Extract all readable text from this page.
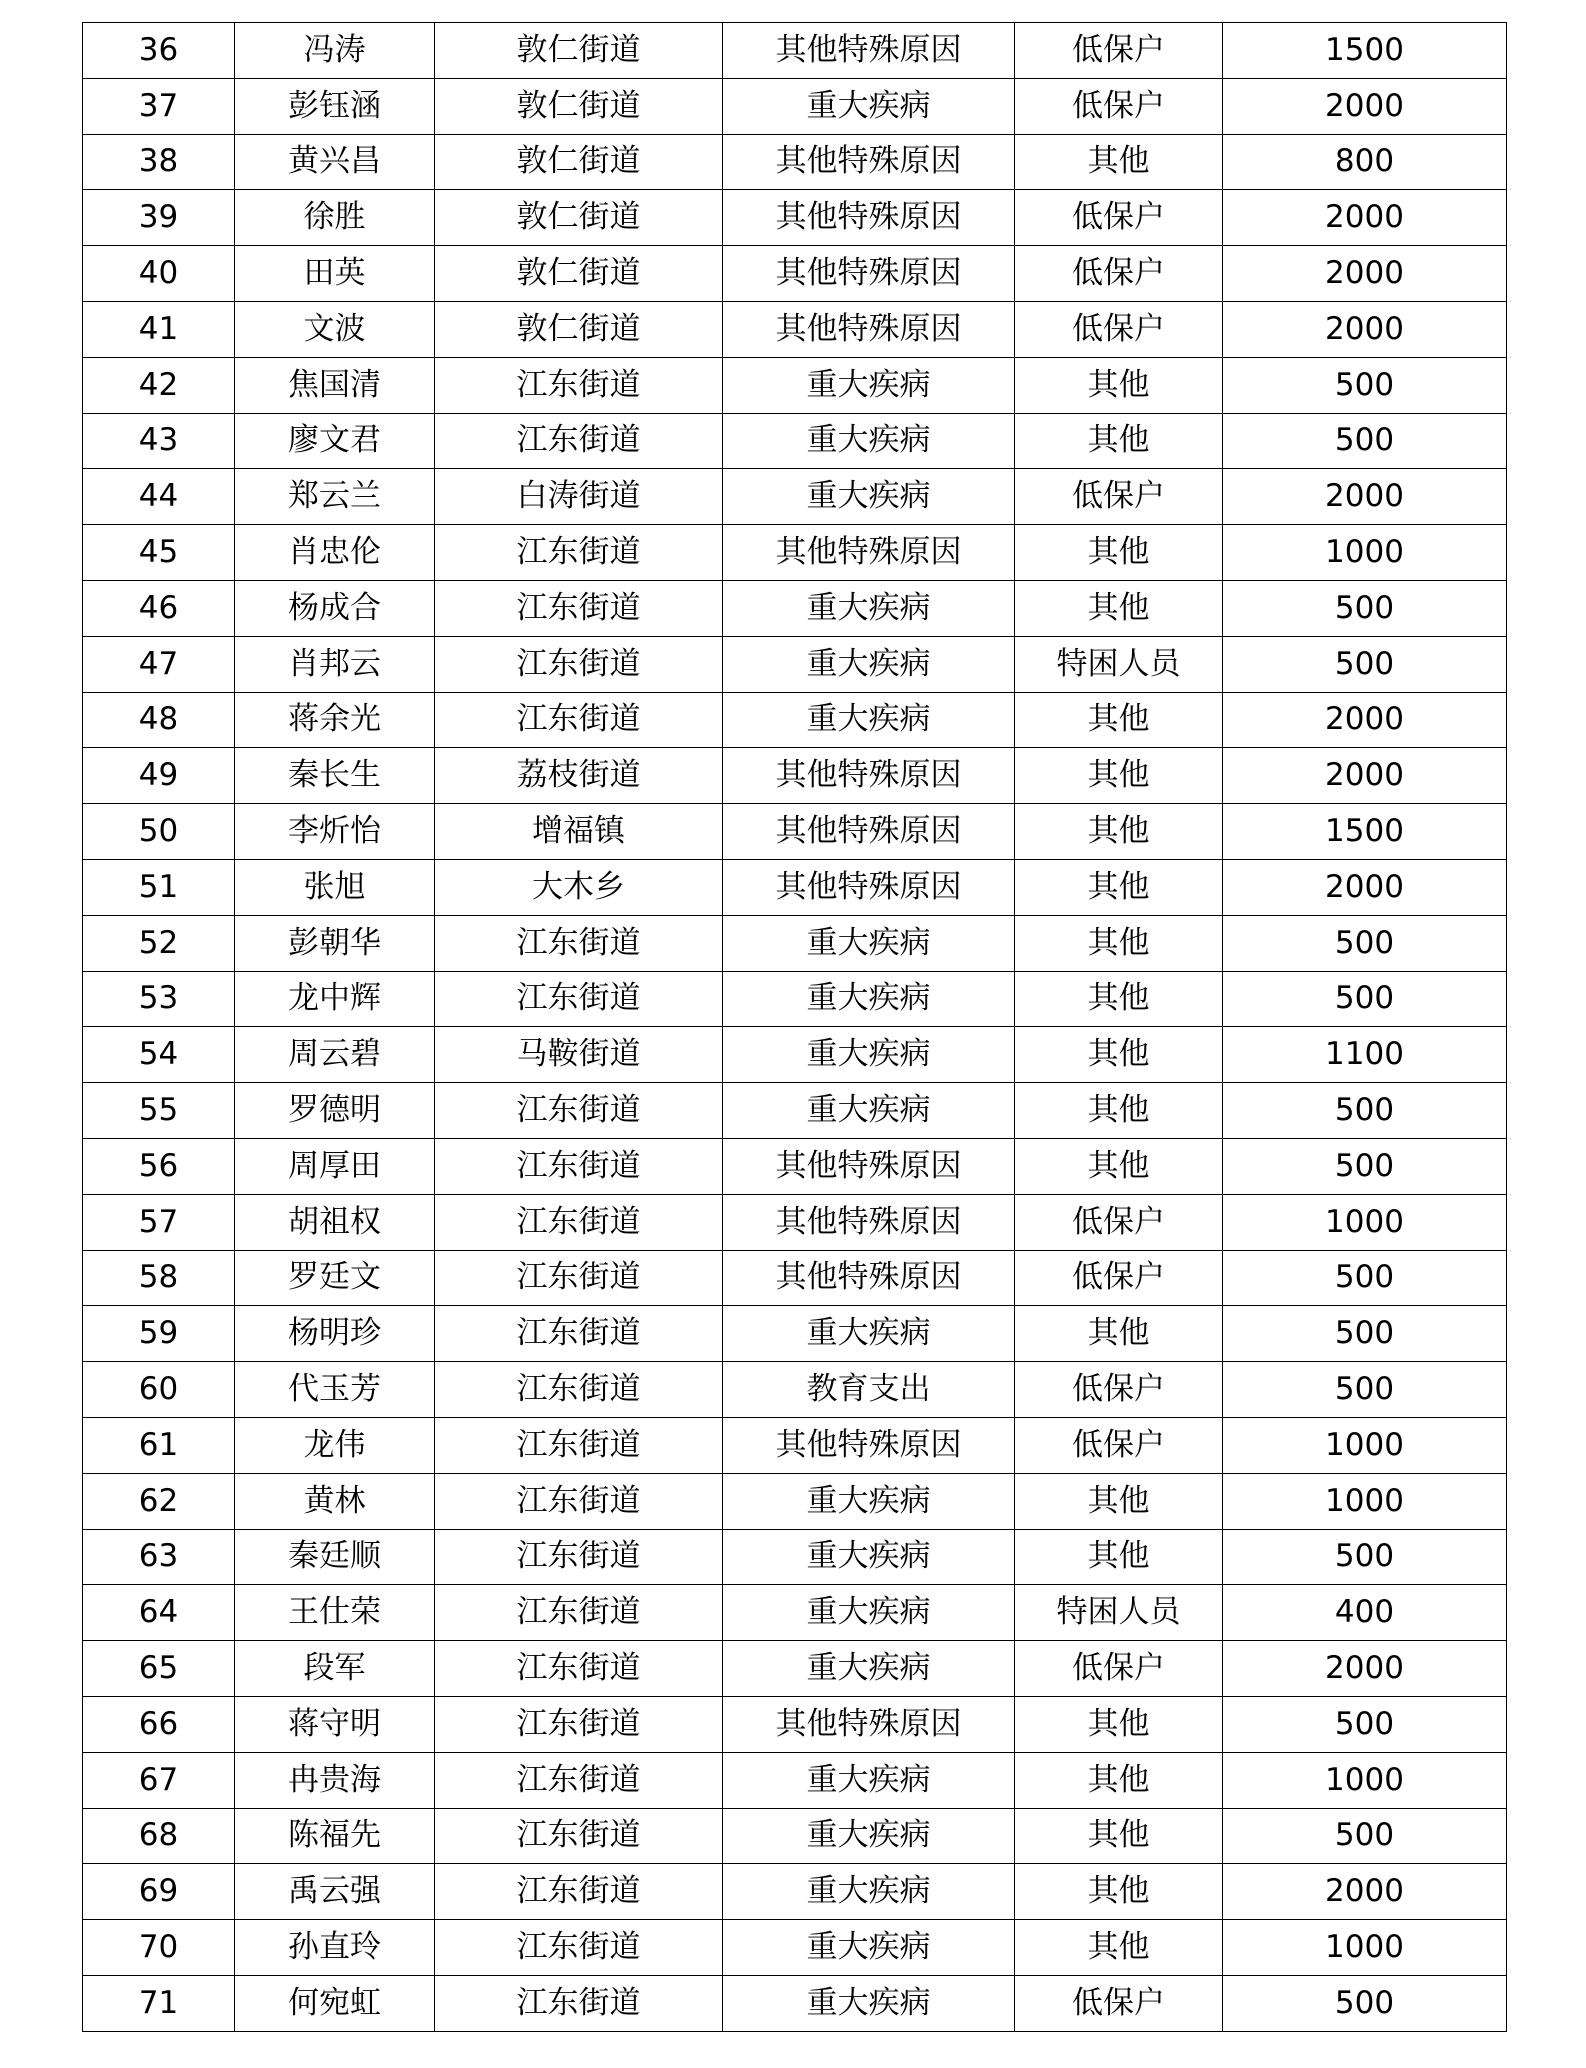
36	冯涛	敦仁街道	其他特殊原因	低保户	1500
37	彭钰涵	敦仁街道	重大疾病	低保户	2000
38	黄兴昌	敦仁街道	其他特殊原因	其他	800
39	徐胜	敦仁街道	其他特殊原因	低保户	2000
40	田英	敦仁街道	其他特殊原因	低保户	2000
41	文波	敦仁街道	其他特殊原因	低保户	2000
42	焦国清	江东街道	重大疾病	其他	500
43	廖文君	江东街道	重大疾病	其他	500
44	郑云兰	白涛街道	重大疾病	低保户	2000
45	肖忠伦	江东街道	其他特殊原因	其他	1000
46	杨成合	江东街道	重大疾病	其他	500
47	肖邦云	江东街道	重大疾病	特困人员	500
48	蒋余光	江东街道	重大疾病	其他	2000
49	秦长生	荔枝街道	其他特殊原因	其他	2000
50	李炘怡	增福镇	其他特殊原因	其他	1500
51	张旭	大木乡	其他特殊原因	其他	2000
52	彭朝华	江东街道	重大疾病	其他	500
53	龙中辉	江东街道	重大疾病	其他	500
54	周云碧	马鞍街道	重大疾病	其他	1100
55	罗德明	江东街道	重大疾病	其他	500
56	周厚田	江东街道	其他特殊原因	其他	500
57	胡祖权	江东街道	其他特殊原因	低保户	1000
58	罗廷文	江东街道	其他特殊原因	低保户	500
59	杨明珍	江东街道	重大疾病	其他	500
60	代玉芳	江东街道	教育支出	低保户	500
61	龙伟	江东街道	其他特殊原因	低保户	1000
62	黄林	江东街道	重大疾病	其他	1000
63	秦廷顺	江东街道	重大疾病	其他	500
64	王仕荣	江东街道	重大疾病	特困人员	400
65	段军	江东街道	重大疾病	低保户	2000
66	蒋守明	江东街道	其他特殊原因	其他	500
67	冉贵海	江东街道	重大疾病	其他	1000
68	陈福先	江东街道	重大疾病	其他	500
69	禹云强	江东街道	重大疾病	其他	2000
70	孙直玲	江东街道	重大疾病	其他	1000
71	何宛虹	江东街道	重大疾病	低保户	500
